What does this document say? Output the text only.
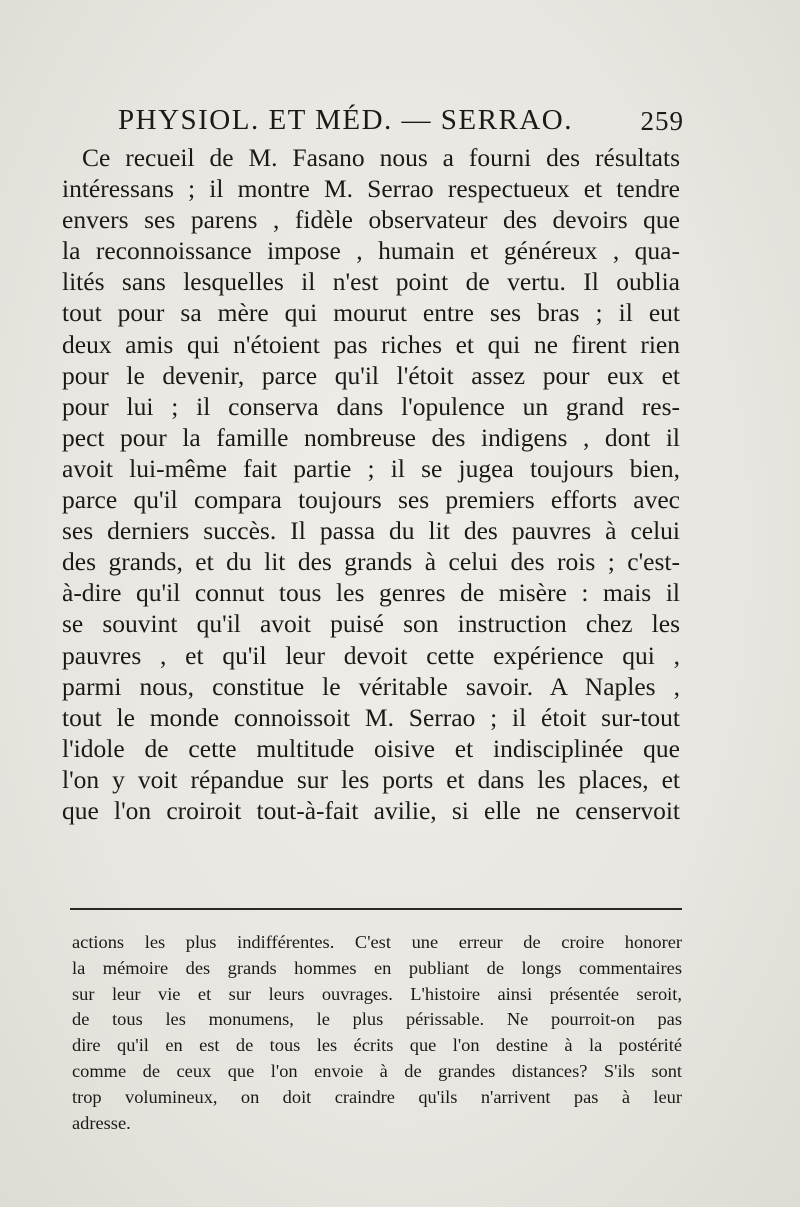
PHYSIOL. ET MÉD. — SERRAO.	259
Ce recueil de M. Fasano nous a fourni des résultats
intéressans ; il montre M. Serrao respectueux et tendre
envers ses parens , fidèle observateur des devoirs que
la reconnoissance impose , humain et généreux , qua-
lités sans lesquelles il n'est point de vertu. Il oublia
tout pour sa mère qui mourut entre ses bras ; il eut
deux amis qui n'étoient pas riches et qui ne firent rien
pour le devenir, parce qu'il l'étoit assez pour eux et
pour lui ; il conserva dans l'opulence un grand res-
pect pour la famille nombreuse des indigens , dont il
avoit lui-même fait partie ; il se jugea toujours bien,
parce qu'il compara toujours ses premiers efforts avec
ses derniers succès. Il passa du lit des pauvres à celui
des grands, et du lit des grands à celui des rois ; c'est-
à-dire qu'il connut tous les genres de misère : mais il
se souvint qu'il avoit puisé son instruction chez les
pauvres , et qu'il leur devoit cette expérience qui ,
parmi nous, constitue le véritable savoir. A Naples ,
tout le monde connoissoit M. Serrao ; il étoit sur-tout
l'idole de cette multitude oisive et indisciplinée que
l'on y voit répandue sur les ports et dans les places, et
que l'on croiroit tout-à-fait avilie, si elle ne censervoit
actions les plus indifférentes. C'est une erreur de croire honorer
la mémoire des grands hommes en publiant de longs commentaires
sur leur vie et sur leurs ouvrages. L'histoire ainsi présentée seroit,
de tous les monumens, le plus périssable. Ne pourroit-on pas
dire qu'il en est de tous les écrits que l'on destine à la postérité
comme de ceux que l'on envoie à de grandes distances? S'ils sont
trop volumineux, on doit craindre qu'ils n'arrivent pas à leur
adresse.
